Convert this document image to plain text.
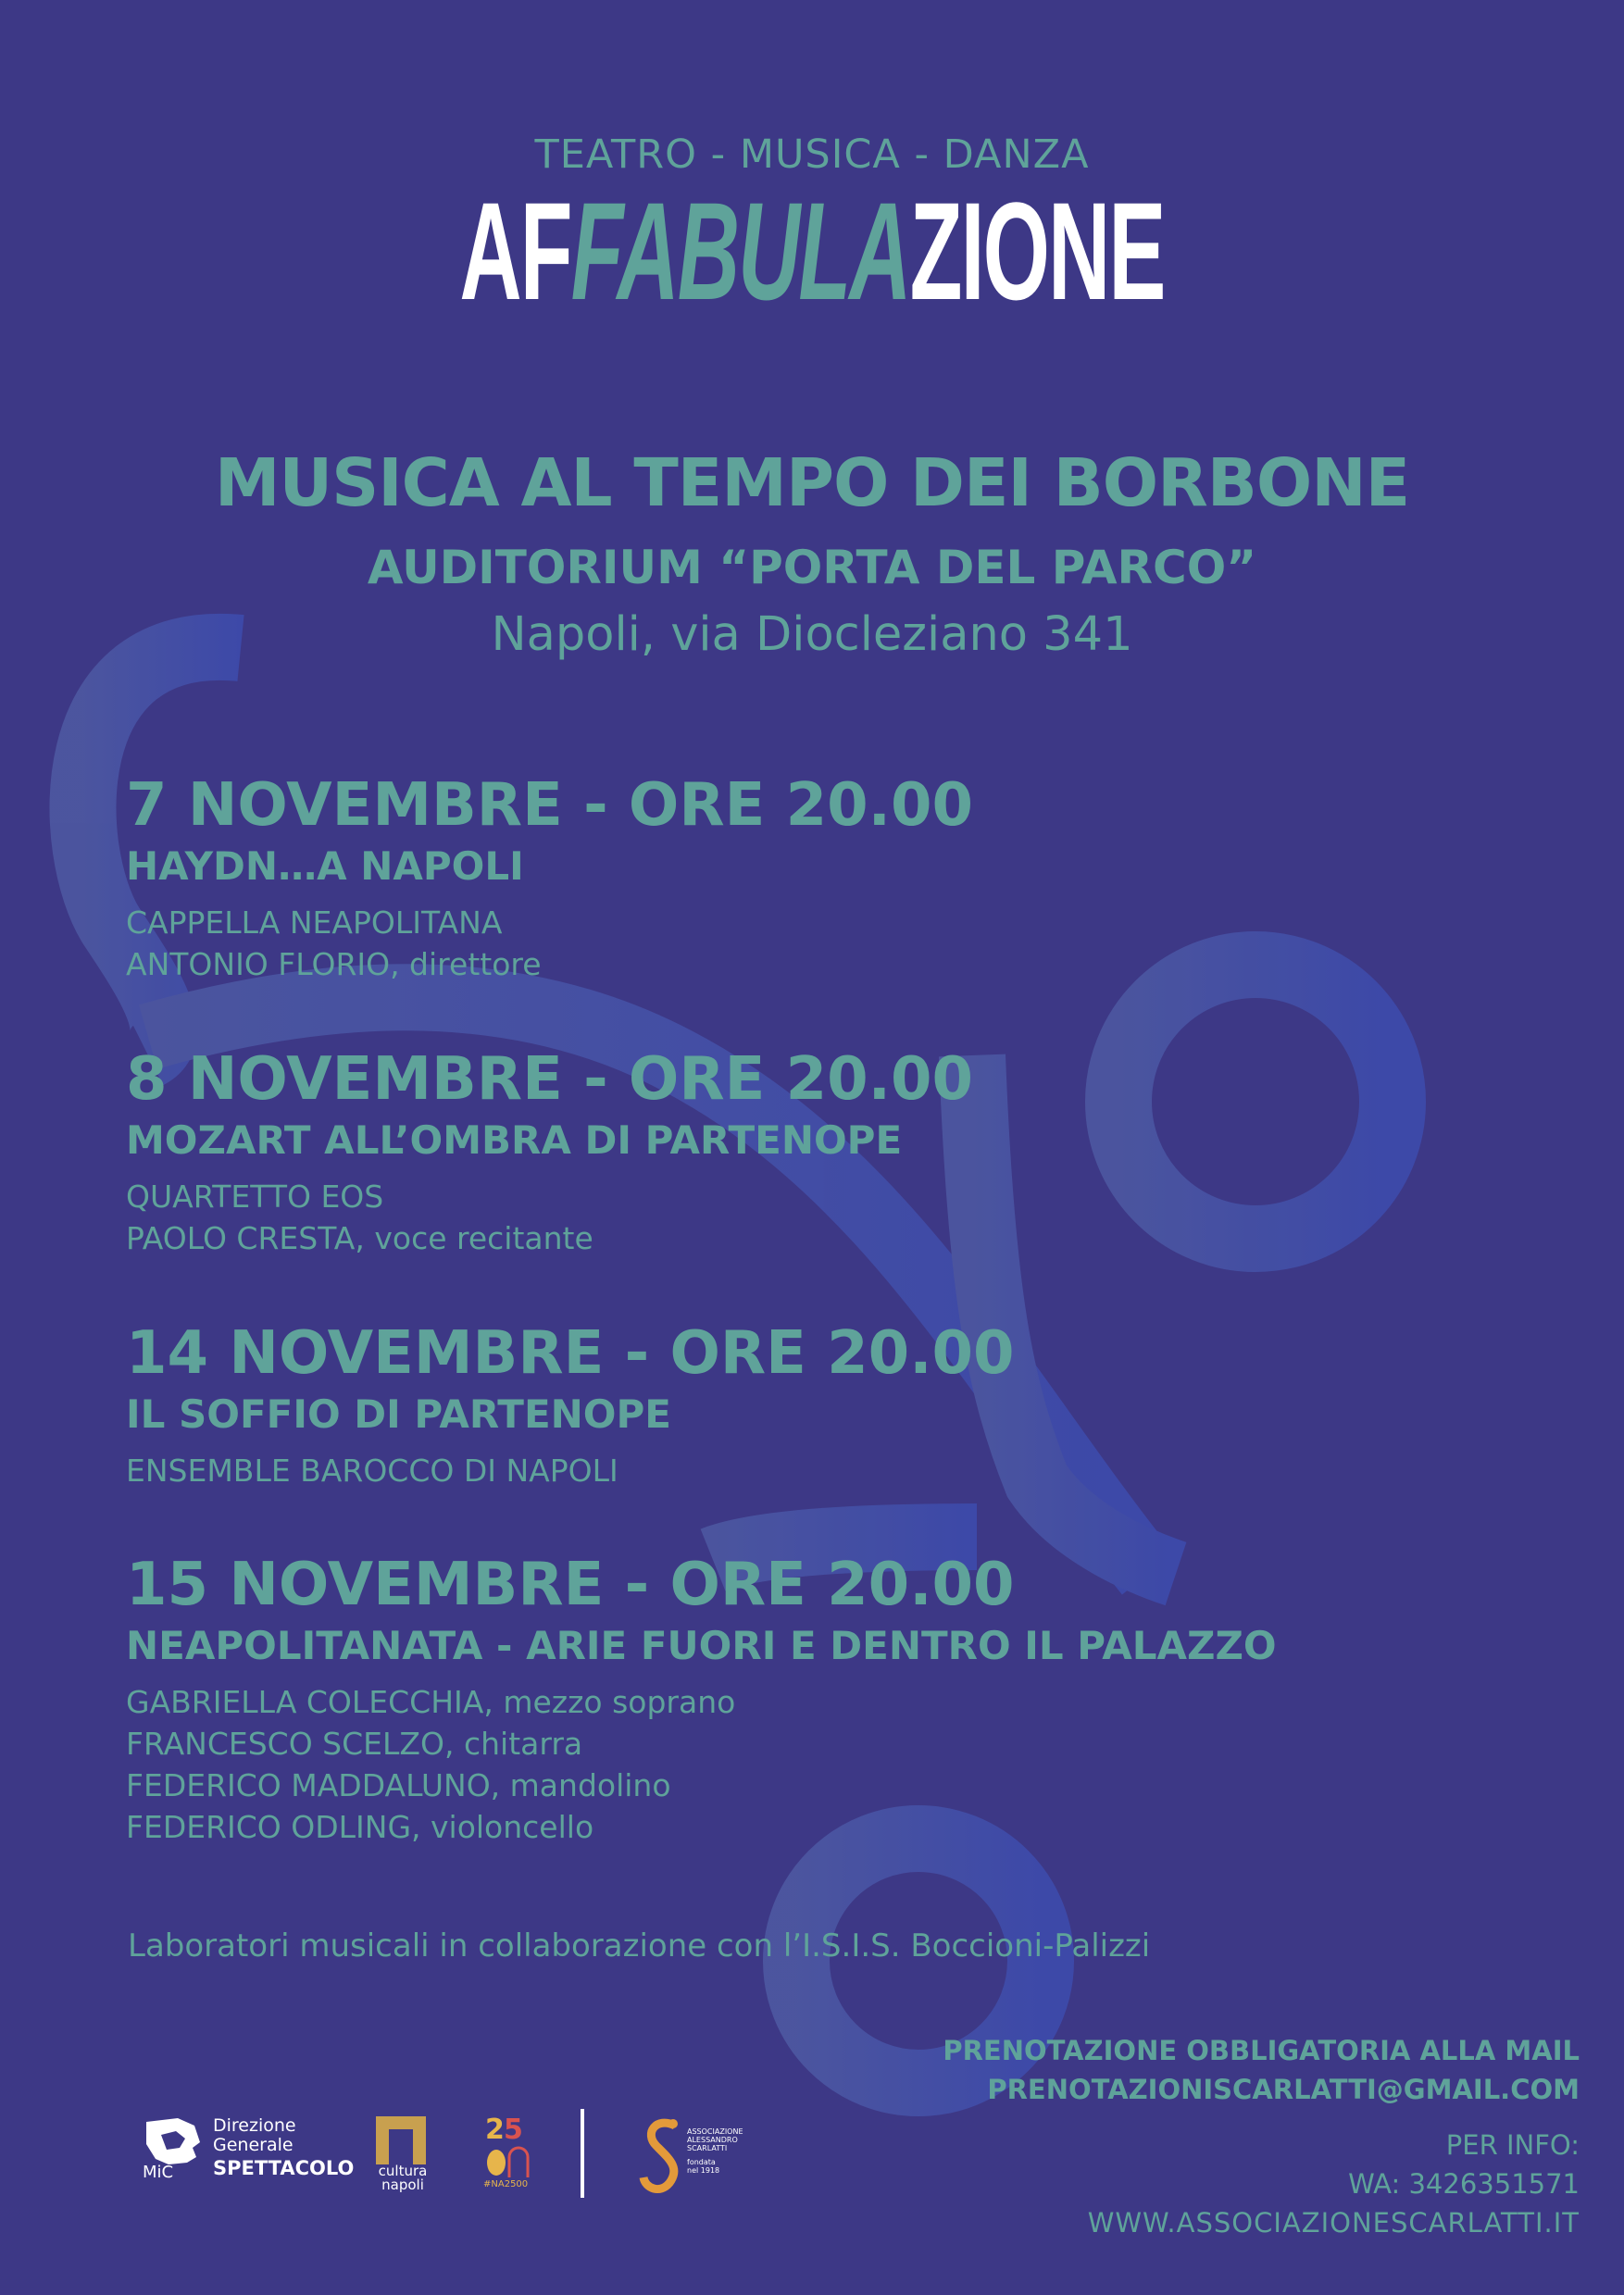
TEATRO - MUSICA - DANZA
AFFABULAZIONE
MUSICA AL TEMPO DEI BORBONE
AUDITORIUM “PORTA DEL PARCO”
Napoli, via Diocleziano 341
7 NOVEMBRE - ORE 20.00
HAYDN…A NAPOLI
CAPPELLA NEAPOLITANA
ANTONIO FLORIO, direttore
8 NOVEMBRE - ORE 20.00
MOZART ALL’OMBRA DI PARTENOPE
QUARTETTO EOS
PAOLO CRESTA, voce recitante
14 NOVEMBRE - ORE 20.00
IL SOFFIO DI PARTENOPE
ENSEMBLE BAROCCO DI NAPOLI
15 NOVEMBRE - ORE 20.00
NEAPOLITANATA - ARIE FUORI E DENTRO IL PALAZZO
GABRIELLA COLECCHIA, mezzo soprano
FRANCESCO SCELZO, chitarra
FEDERICO MADDALUNO, mandolino
FEDERICO ODLING, violoncello
Laboratori musicali in collaborazione con l’I.S.I.S. Boccioni-Palizzi
PRENOTAZIONE OBBLIGATORIA ALLA MAIL
PRENOTAZIONISCARLATTI@GMAIL.COM
PER INFO:
WA: 3426351571
WWW.ASSOCIAZIONESCARLATTI.IT
MiC
Direzione
Generale
SPETTACOLO	cultura
napoli
2 5
#NA2500
ASSOCIAZIONE
ALESSANDRO
SCARLATTI
fondata
nel 1918
